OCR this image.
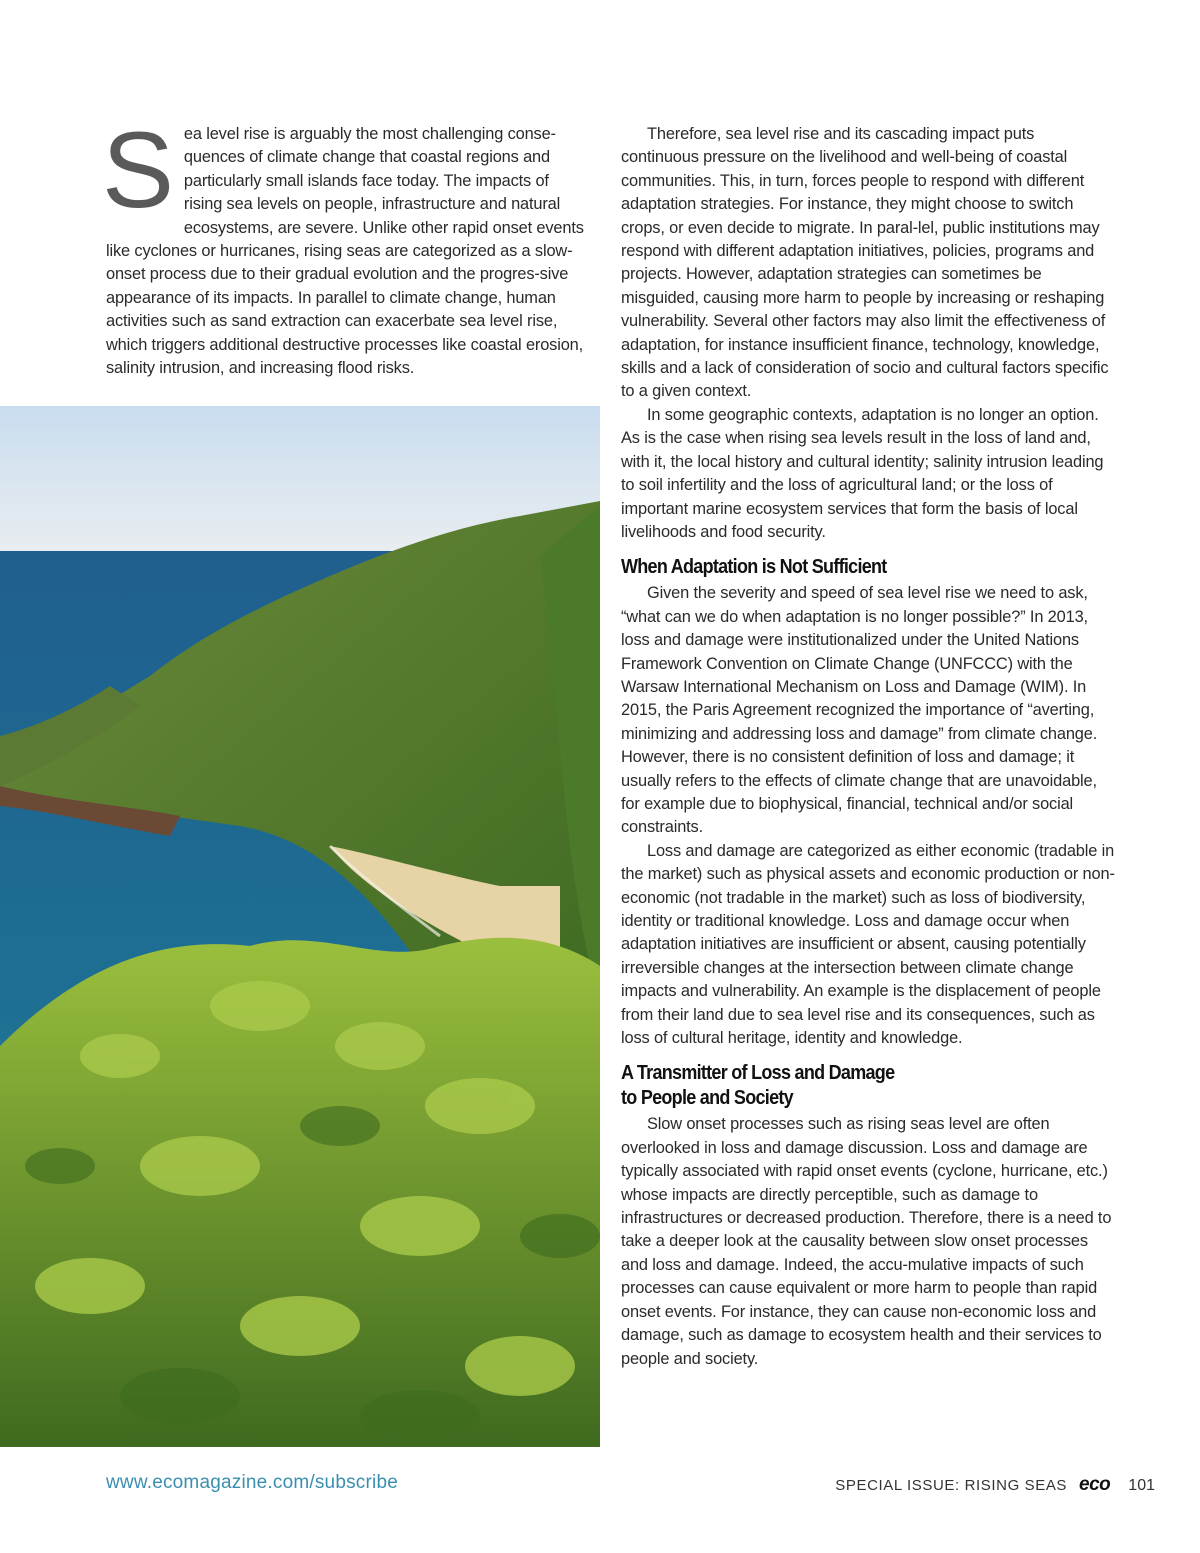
S ea level rise is arguably the most challenging conse-quences of climate change that coastal regions and particularly small islands face today. The impacts of rising sea levels on people, infrastructure and natural ecosystems, are severe. Unlike other rapid onset events like cyclones or hurricanes, rising seas are categorized as a slow-onset process due to their gradual evolution and the progres-sive appearance of its impacts. In parallel to climate change, human activities such as sand extraction can exacerbate sea level rise, which triggers additional destructive processes like coastal erosion, salinity intrusion, and increasing flood risks.

Therefore, sea level rise and its cascading impact puts continuous pressure on the livelihood and well-being of coastal communities. This, in turn, forces people to respond with different adaptation strategies. For instance, they might choose to switch crops, or even decide to migrate. In paral-lel, public institutions may respond with different adaptation initiatives, policies, programs and projects. However, adaptation strategies can sometimes be misguided, causing more harm to people by increasing or reshaping vulnerability. Several other factors may also limit the effectiveness of adaptation, for instance insufficient finance, technology, knowledge, skills and a lack of consideration of socio and cultural factors specific to a given context.

In some geographic contexts, adaptation is no longer an option. As is the case when rising sea levels result in the loss of land and, with it, the local history and cultural identity; salinity intrusion leading to soil infertility and the loss of agricultural land; or the loss of important marine ecosystem services that form the basis of local livelihoods and food security.

When Adaptation is Not Sufficient

Given the severity and speed of sea level rise we need to ask, “what can we do when adaptation is no longer possible?” In 2013, loss and damage were institutionalized under the United Nations Framework Convention on Climate Change (UNFCCC) with the Warsaw International Mechanism on Loss and Damage (WIM). In 2015, the Paris Agreement recognized the importance of “averting, minimizing and addressing loss and damage” from climate change. However, there is no consistent definition of loss and damage; it usually refers to the effects of climate change that are unavoidable, for example due to biophysical, financial, technical and/or social constraints.

Loss and damage are categorized as either economic (tradable in the market) such as physical assets and economic production or non-economic (not tradable in the market) such as loss of biodiversity, identity or traditional knowledge. Loss and damage occur when adaptation initiatives are insufficient or absent, causing potentially irreversible changes at the intersection between climate change impacts and vulnerability. An example is the displacement of people from their land due to sea level rise and its consequences, such as loss of cultural heritage, identity and knowledge.

A Transmitter of Loss and Damage
to People and Society

Slow onset processes such as rising seas level are often overlooked in loss and damage discussion. Loss and damage are typically associated with rapid onset events (cyclone, hurricane, etc.) whose impacts are directly perceptible, such as damage to infrastructures or decreased production. Therefore, there is a need to take a deeper look at the causality between slow onset processes and loss and damage. Indeed, the accu-mulative impacts of such processes can cause equivalent or more harm to people than rapid onset events. For instance, they can cause non-economic loss and damage, such as damage to ecosystem health and their services to people and society.

www.ecomagazine.com/subscribe	SPECIAL ISSUE: RISING SEAS eco 101
